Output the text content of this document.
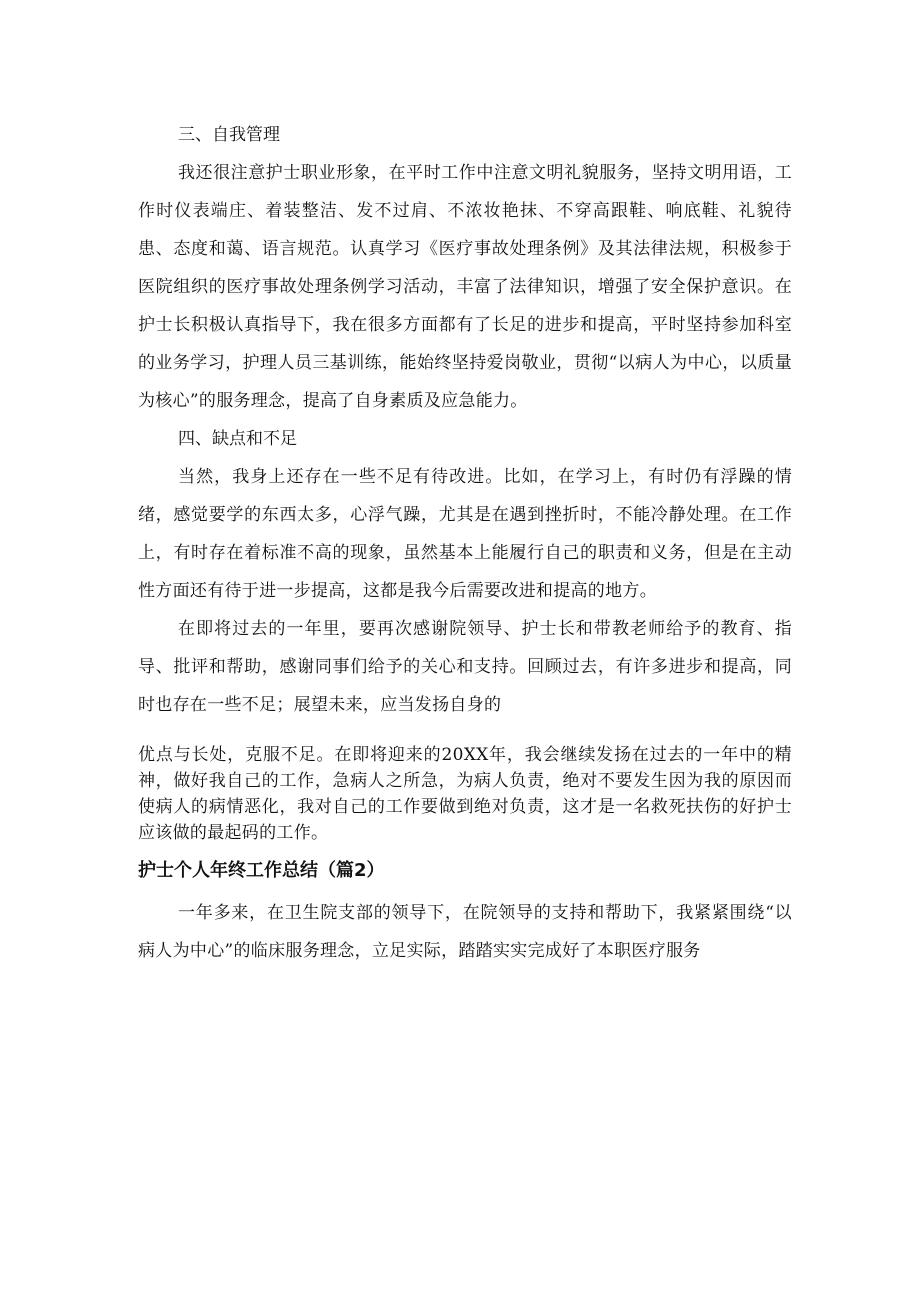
三、自我管理

我还很注意护士职业形象，在平时工作中注意文明礼貌服务，坚持文明用语，工作时仪表端庄、着装整洁、发不过肩、不浓妆艳抹、不穿高跟鞋、响底鞋、礼貌待患、态度和蔼、语言规范。认真学习《医疗事故处理条例》及其法律法规，积极参于医院组织的医疗事故处理条例学习活动，丰富了法律知识，增强了安全保护意识。在护士长积极认真指导下，我在很多方面都有了长足的进步和提高，平时坚持参加科室的业务学习，护理人员三基训练，能始终坚持爱岗敬业，贯彻“以病人为中心，以质量为核心”的服务理念，提高了自身素质及应急能力。

四、缺点和不足

当然，我身上还存在一些不足有待改进。比如，在学习上，有时仍有浮躁的情绪，感觉要学的东西太多，心浮气躁，尤其是在遇到挫折时，不能冷静处理。在工作上，有时存在着标准不高的现象，虽然基本上能履行自己的职责和义务，但是在主动性方面还有待于进一步提高，这都是我今后需要改进和提高的地方。

在即将过去的一年里，要再次感谢院领导、护士长和带教老师给予的教育、指导、批评和帮助，感谢同事们给予的关心和支持。回顾过去，有许多进步和提高，同时也存在一些不足；展望未来，应当发扬自身的

优点与长处，克服不足。在即将迎来的20XX年，我会继续发扬在过去的一年中的精神，做好我自己的工作，急病人之所急，为病人负责，绝对不要发生因为我的原因而使病人的病情恶化，我对自己的工作要做到绝对负责，这才是一名救死扶伤的好护士应该做的最起码的工作。

护士个人年终工作总结（篇2）

一年多来，在卫生院支部的领导下，在院领导的支持和帮助下，我紧紧围绕“以病人为中心”的临床服务理念，立足实际，踏踏实实完成好了本职医疗服务
